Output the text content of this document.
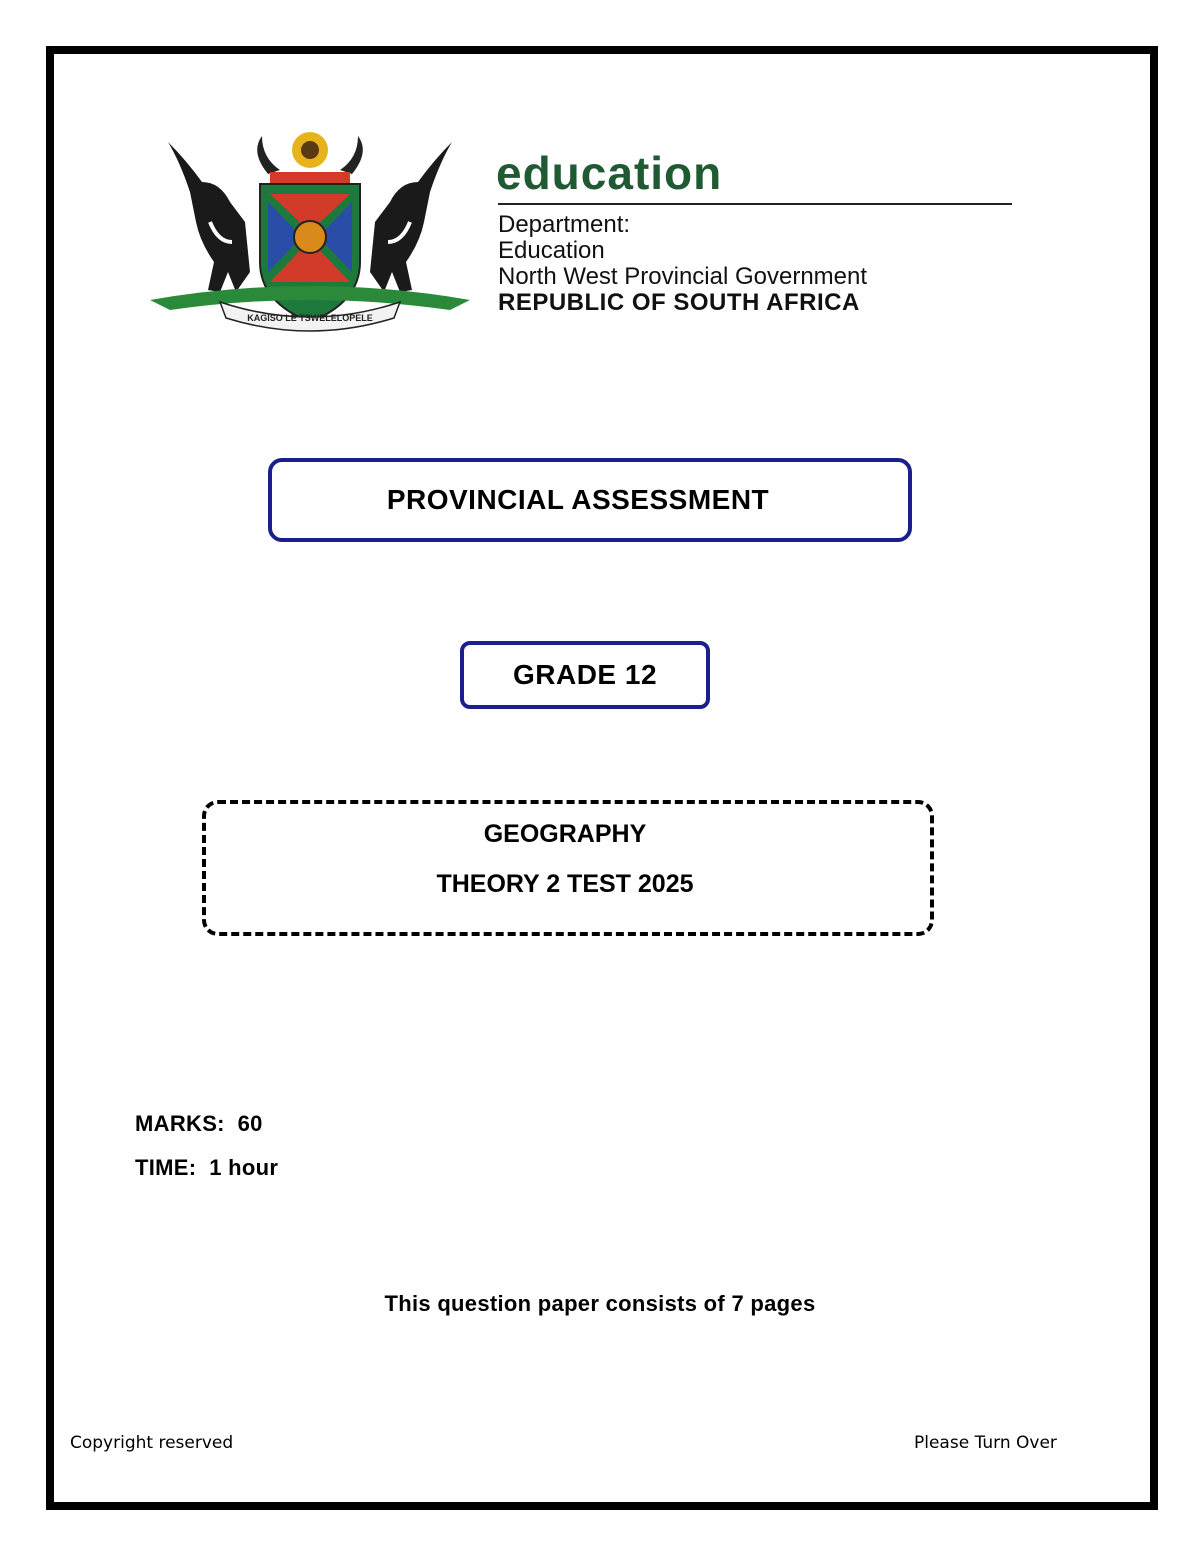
KAGISO LE TSWELELOPELE
education
Department:
Education
North West Provincial Government
REPUBLIC OF SOUTH AFRICA
PROVINCIAL ASSESSMENT
GRADE 12
GEOGRAPHY
THEORY 2 TEST 2025
MARKS: 60
TIME: 1 hour
This question paper consists of 7 pages
Copyright reserved	Please Turn Over
